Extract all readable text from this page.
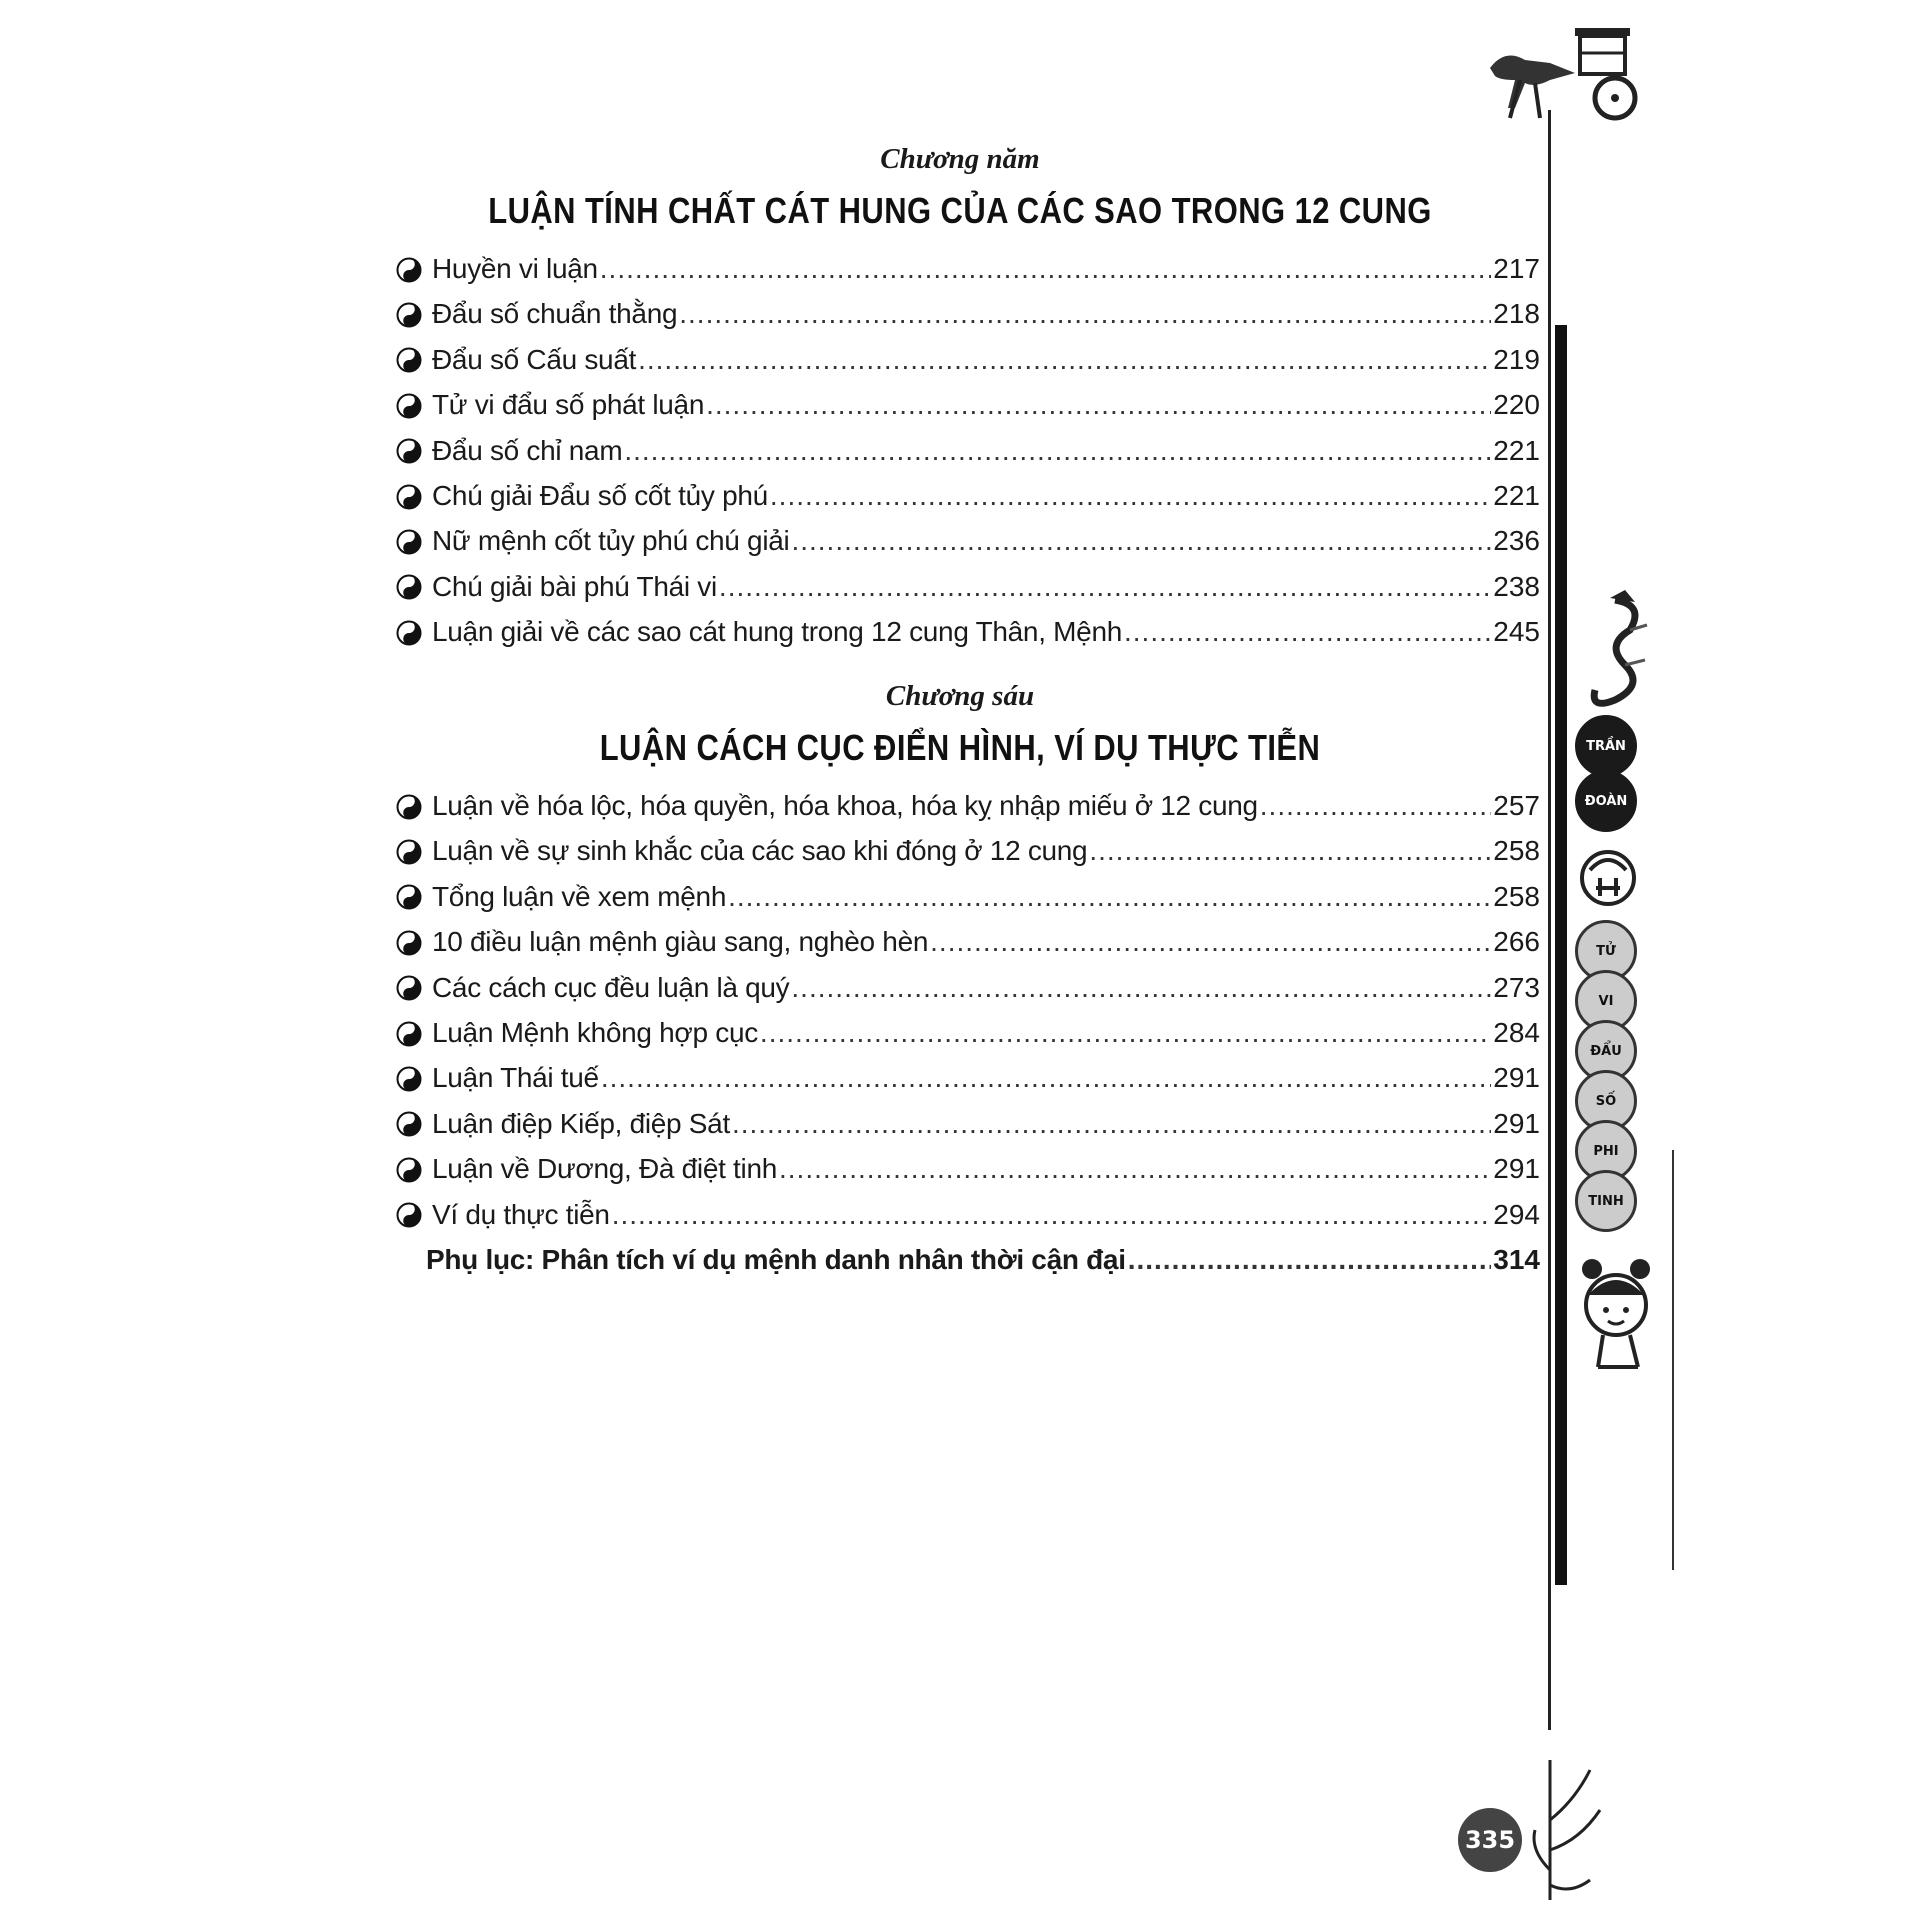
Chương năm
LUẬN TÍNH CHẤT CÁT HUNG CỦA CÁC SAO TRONG 12 CUNG
Huyền vi luận .....	217
Đẩu số chuẩn thằng .....	218
Đẩu số Cấu suất .....	219
Tử vi đẩu số phát luận .....	220
Đẩu số chỉ nam .....	221
Chú giải Đẩu số cốt tủy phú .....	221
Nữ mệnh cốt tủy phú chú giải .....	236
Chú giải bài phú Thái vi .....	238
Luận giải về các sao cát hung trong 12 cung Thân, Mệnh .....	245
Chương sáu
LUẬN CÁCH CỤC ĐIỂN HÌNH, VÍ DỤ THỰC TIỄN
Luận về hóa lộc, hóa quyền, hóa khoa, hóa kỵ nhập miếu ở 12 cung .....	257
Luận về sự sinh khắc của các sao khi đóng ở 12 cung .....	258
Tổng luận về xem mệnh .....	258
10 điều luận mệnh giàu sang, nghèo hèn .....	266
Các cách cục đều luận là quý .....	273
Luận Mệnh không hợp cục .....	284
Luận Thái tuế .....	291
Luận điệp Kiếp, điệp Sát .....	291
Luận về Dương, Đà điệt tinh .....	291
Ví dụ thực tiễn .....	294
Phụ lục: Phân tích ví dụ mệnh danh nhân thời cận đại .....	314
TRẦN
ĐOÀN
TỬ
VI
ĐẨU
SỐ
PHI
TINH
335
